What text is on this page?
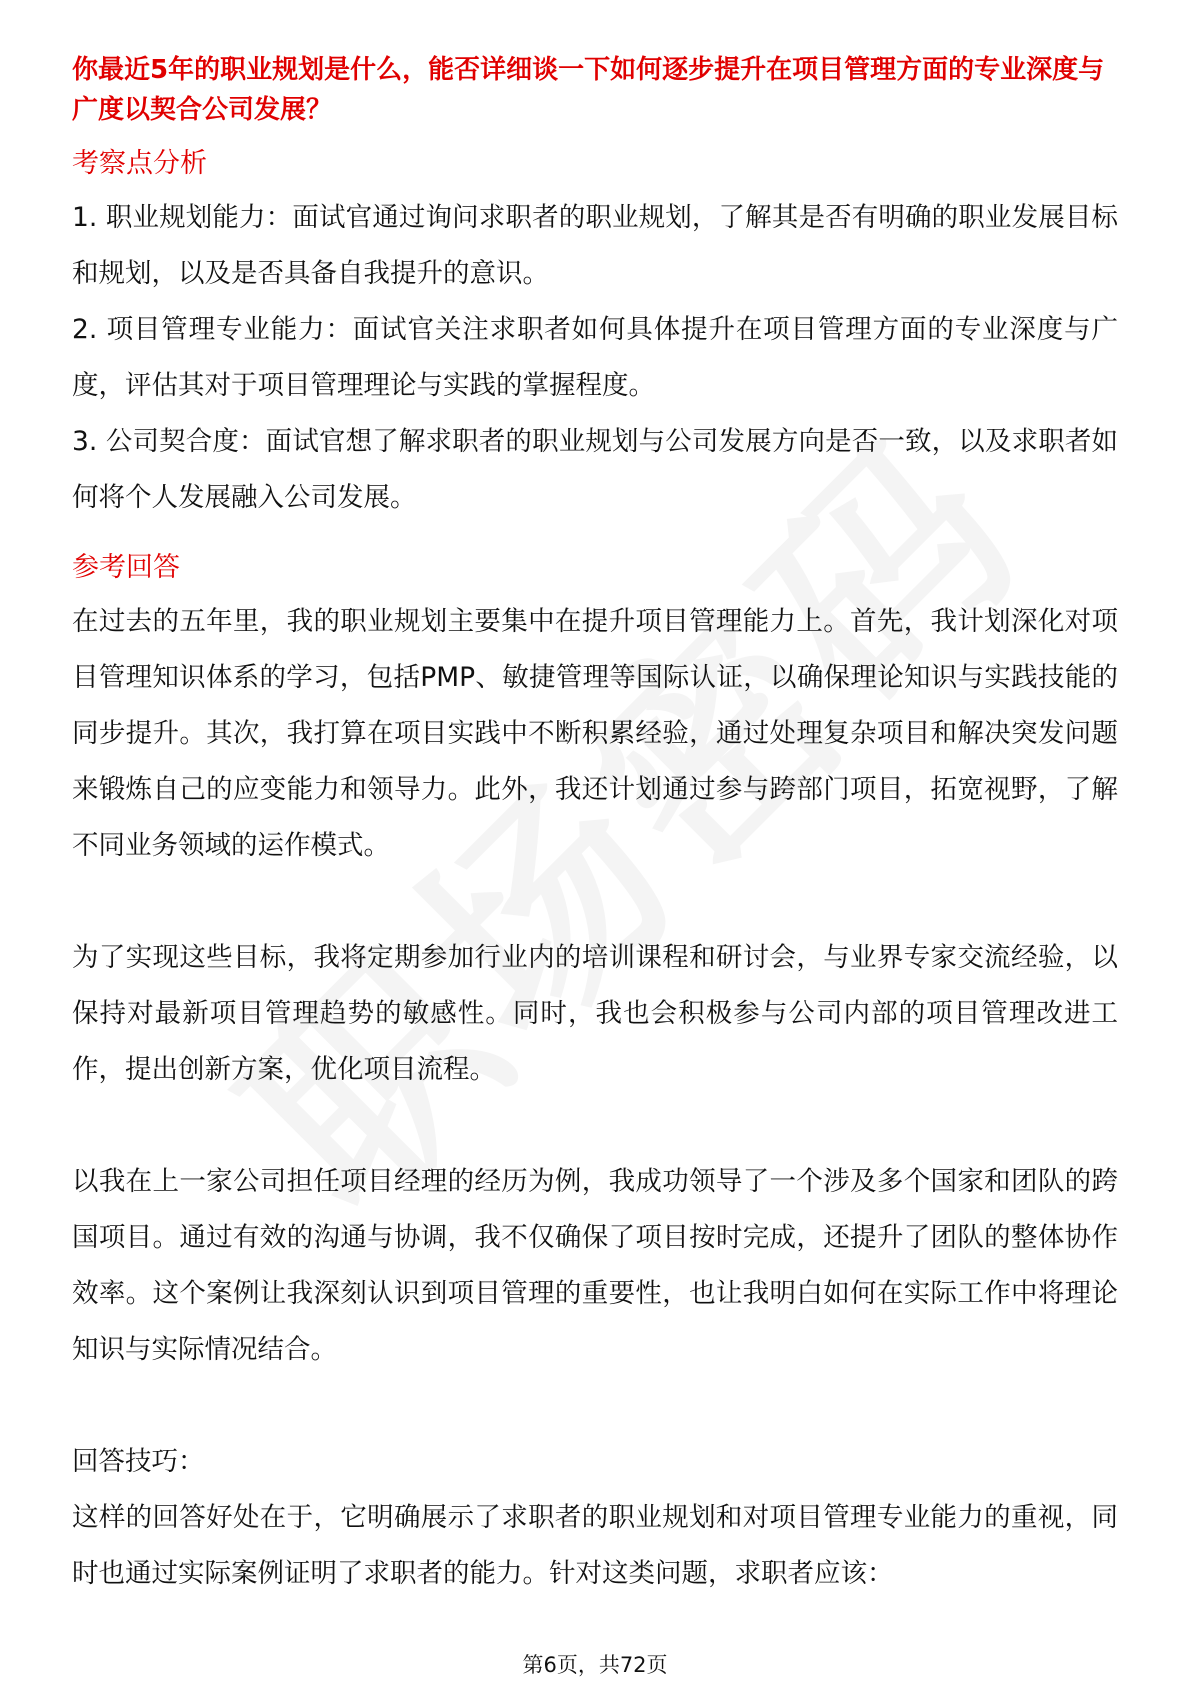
你最近5年的职业规划是什么，能否详细谈一下如何逐步提升在项目管理方面的专业深度与广度以契合公司发展？

考察点分析

1. 职业规划能力：面试官通过询问求职者的职业规划，了解其是否有明确的职业发展目标和规划，以及是否具备自我提升的意识。

2. 项目管理专业能力：面试官关注求职者如何具体提升在项目管理方面的专业深度与广度，评估其对于项目管理理论与实践的掌握程度。

3. 公司契合度：面试官想了解求职者的职业规划与公司发展方向是否一致，以及求职者如何将个人发展融入公司发展。

参考回答

在过去的五年里，我的职业规划主要集中在提升项目管理能力上。首先，我计划深化对项目管理知识体系的学习，包括PMP、敏捷管理等国际认证，以确保理论知识与实践技能的同步提升。其次，我打算在项目实践中不断积累经验，通过处理复杂项目和解决突发问题来锻炼自己的应变能力和领导力。此外，我还计划通过参与跨部门项目，拓宽视野，了解不同业务领域的运作模式。

为了实现这些目标，我将定期参加行业内的培训课程和研讨会，与业界专家交流经验，以保持对最新项目管理趋势的敏感性。同时，我也会积极参与公司内部的项目管理改进工作，提出创新方案，优化项目流程。

以我在上一家公司担任项目经理的经历为例，我成功领导了一个涉及多个国家和团队的跨国项目。通过有效的沟通与协调，我不仅确保了项目按时完成，还提升了团队的整体协作效率。这个案例让我深刻认识到项目管理的重要性，也让我明白如何在实际工作中将理论知识与实际情况结合。

回答技巧：

这样的回答好处在于，它明确展示了求职者的职业规划和对项目管理专业能力的重视，同时也通过实际案例证明了求职者的能力。针对这类问题，求职者应该：

第6页，共72页
